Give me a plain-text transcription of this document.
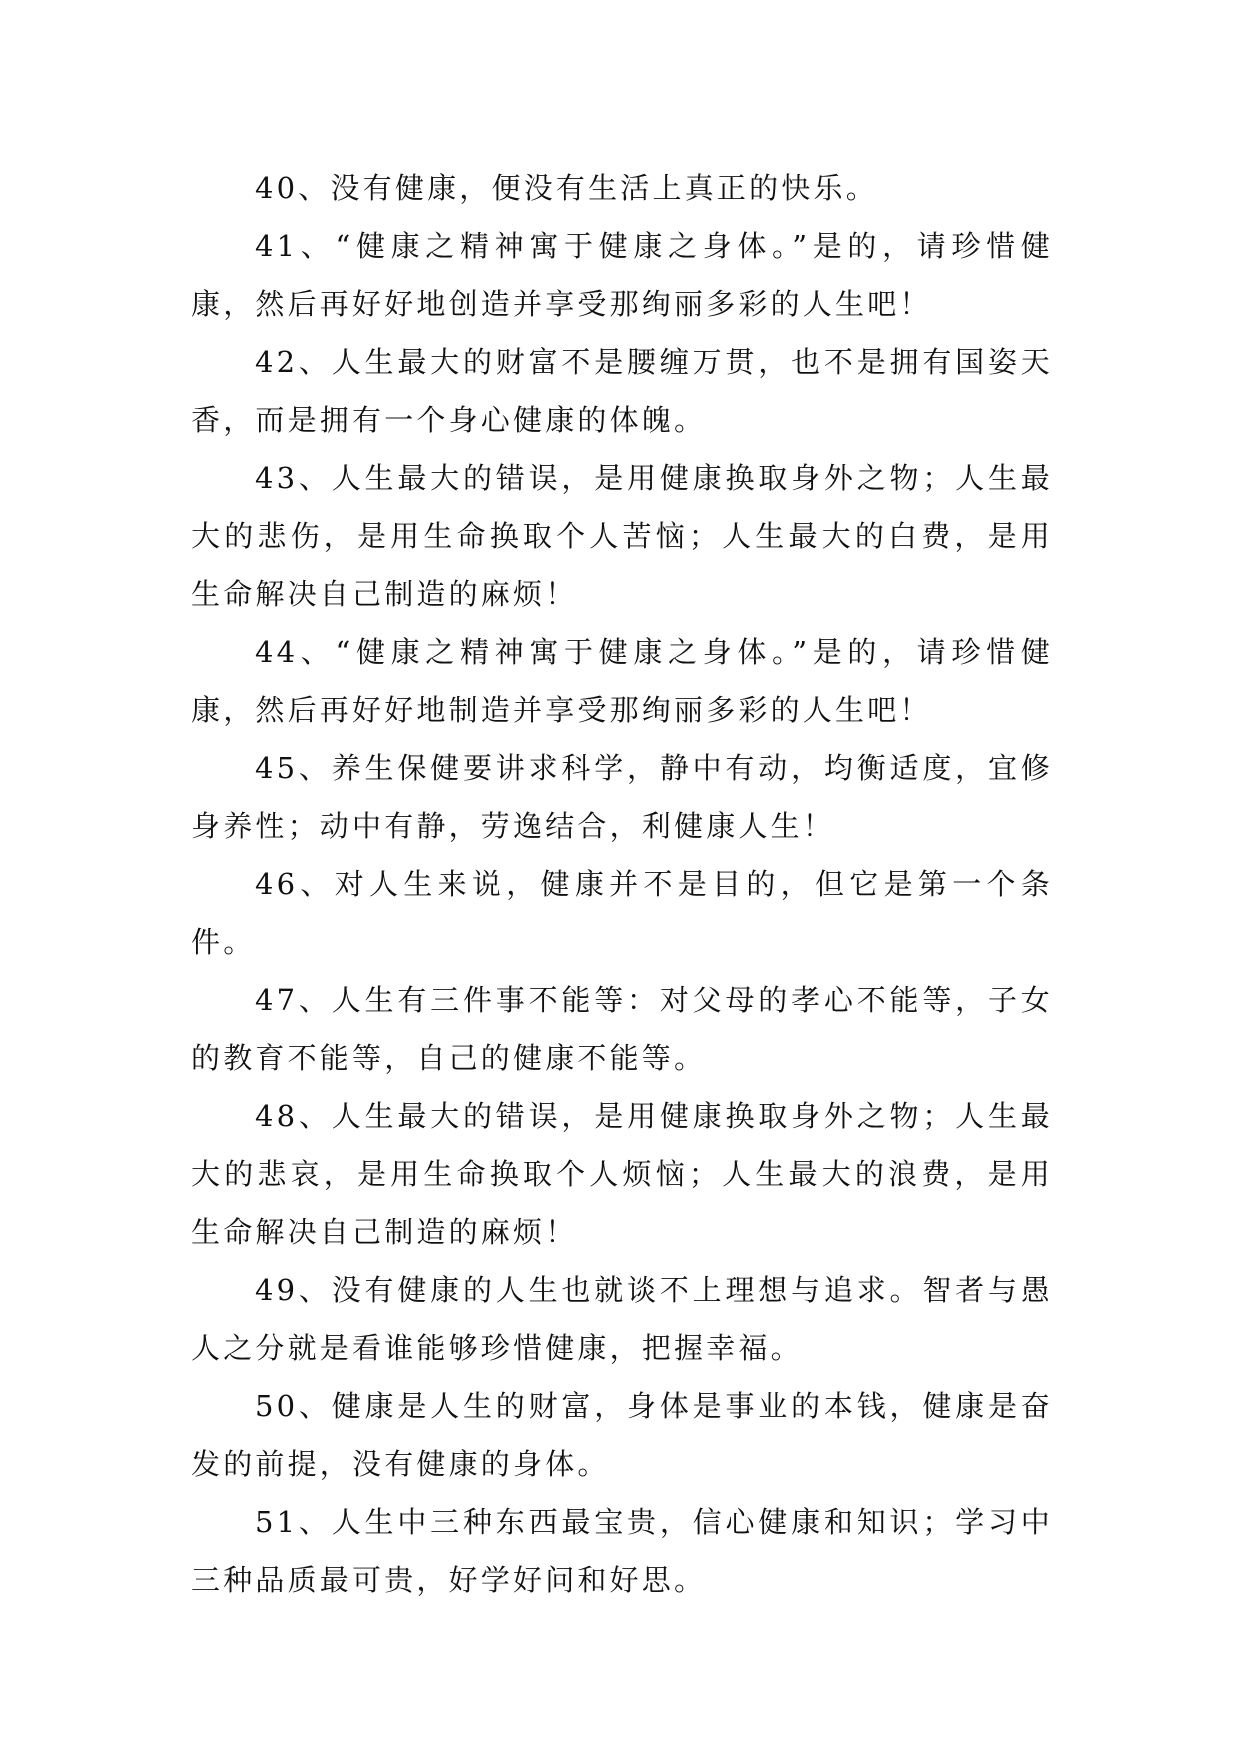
40、没有健康，便没有生活上真正的快乐。

41、“健康之精神寓于健康之身体。”是的，请珍惜健康，然后再好好地创造并享受那绚丽多彩的人生吧！

42、人生最大的财富不是腰缠万贯，也不是拥有国姿天香，而是拥有一个身心健康的体魄。

43、人生最大的错误，是用健康换取身外之物；人生最大的悲伤，是用生命换取个人苦恼；人生最大的白费，是用生命解决自己制造的麻烦！

44、“健康之精神寓于健康之身体。”是的，请珍惜健康，然后再好好地制造并享受那绚丽多彩的人生吧！

45、养生保健要讲求科学，静中有动，均衡适度，宜修身养性；动中有静，劳逸结合，利健康人生！

46、对人生来说，健康并不是目的，但它是第一个条件。

47、人生有三件事不能等：对父母的孝心不能等，子女的教育不能等，自己的健康不能等。

48、人生最大的错误，是用健康换取身外之物；人生最大的悲哀，是用生命换取个人烦恼；人生最大的浪费，是用生命解决自己制造的麻烦！

49、没有健康的人生也就谈不上理想与追求。智者与愚人之分就是看谁能够珍惜健康，把握幸福。

50、健康是人生的财富，身体是事业的本钱，健康是奋发的前提，没有健康的身体。

51、人生中三种东西最宝贵，信心健康和知识；学习中三种品质最可贵，好学好问和好思。
